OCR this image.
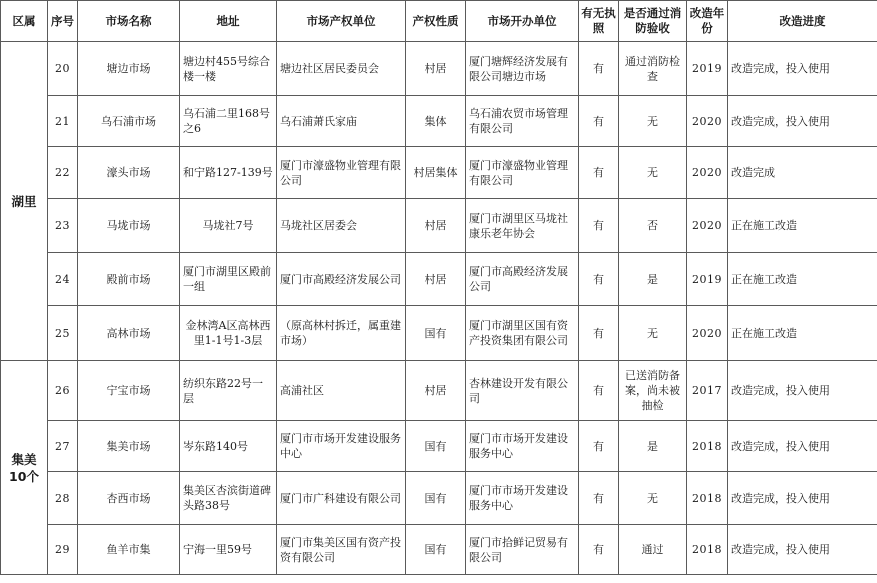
区属	序号	市场名称	地址	市场产权单位	产权性质	市场开办单位	有无执照	是否通过消防验收	改造年份	改造进度
湖里	20	塘边市场	塘边村455号综合楼一楼	塘边社区居民委员会	村居	厦门塘辉经济发展有限公司塘边市场	有	通过消防检查	2019	改造完成，投入使用
	21	乌石浦市场	乌石浦二里168号之6	乌石浦萧氏家庙	集体	乌石浦农贸市场管理有限公司	有	无	2020	改造完成，投入使用
	22	濠头市场	和宁路127-139号	厦门市濠盛物业管理有限公司	村居集体	厦门市濠盛物业管理有限公司	有	无	2020	改造完成
	23	马垅市场	马垅社7号	马垅社区居委会	村居	厦门市湖里区马垅社康乐老年协会	有	否	2020	正在施工改造
	24	殿前市场	厦门市湖里区殿前一组	厦门市高殿经济发展公司	村居	厦门市高殿经济发展公司	有	是	2019	正在施工改造
	25	高林市场	金林湾A区高林西里1-1号1-3层	（原高林村拆迁，属重建市场）	国有	厦门市湖里区国有资产投资集团有限公司	有	无	2020	正在施工改造
集美10个	26	宁宝市场	纺织东路22号一层	高浦社区	村居	杏林建设开发有限公司	有	已送消防备案，尚未被抽检	2017	改造完成，投入使用
	27	集美市场	岑东路140号	厦门市市场开发建设服务中心	国有	厦门市市场开发建设服务中心	有	是	2018	改造完成，投入使用
	28	杏西市场	集美区杏滨街道碑头路38号	厦门市广科建设有限公司	国有	厦门市市场开发建设服务中心	有	无	2018	改造完成，投入使用
	29	鱼羊市集	宁海一里59号	厦门市集美区国有资产投资有限公司	国有	厦门市拾鲜记贸易有限公司	有	通过	2018	改造完成，投入使用
